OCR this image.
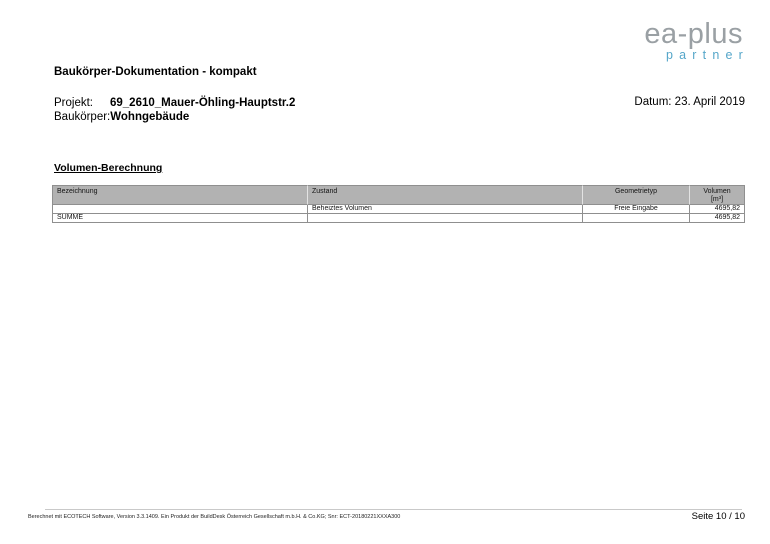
ea-plus
partner
Baukörper-Dokumentation - kompakt
Projekt: 69_2610_Mauer-Öhling-Hauptstr.2
Baukörper:Wohngebäude
Datum: 23. April 2019
Volumen-Berechnung
Bezeichnung	Zustand	Geometrietyp	Volumen
[m³]
	Beheiztes Volumen	Freie Eingabe	4695,82
SUMME			4695,82
Berechnet mit ECOTECH Software, Version 3.3.1409. Ein Produkt der BuildDesk Österreich Gesellschaft m.b.H. & Co.KG; Snr: ECT-20180221XXXA300	Seite 10 / 10
